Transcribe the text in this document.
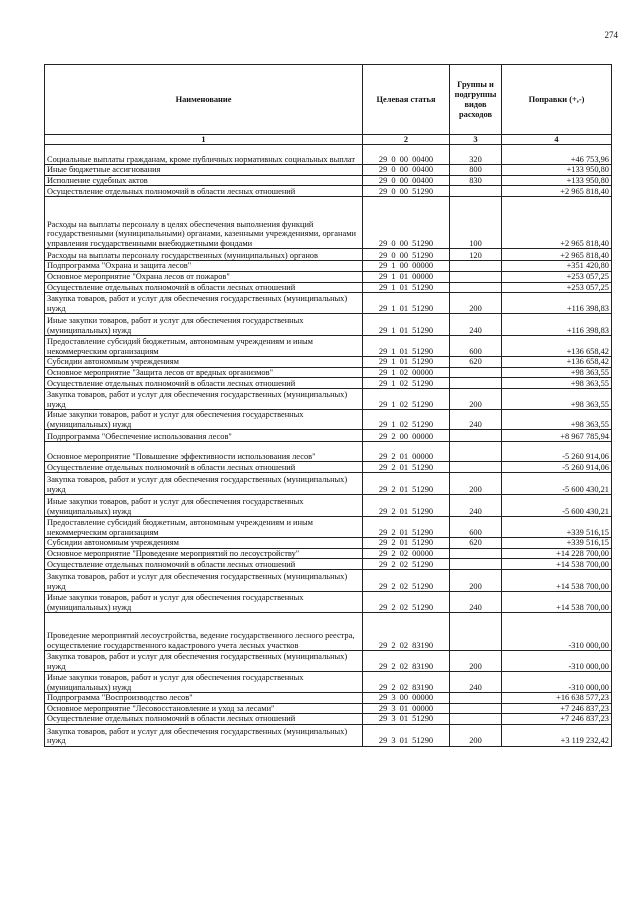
274
Наименование	Целевая статья	Группы и подгруппы видов расходов	Поправки (+,-)
1	2	3	4
Социальные выплаты гражданам, кроме публичных нормативных социальных выплат	29 0 00 00400	320	+46 753,96
Иные бюджетные ассигнования	29 0 00 00400	800	+133 950,80
Исполнение судебных актов	29 0 00 00400	830	+133 950,80
Осуществление отдельных полномочий в области лесных отношений	29 0 00 51290		+2 965 818,40
Расходы на выплаты персоналу в целях обеспечения выполнения функций государственными (муниципальными) органами, казенными учреждениями, органами управления государственными внебюджетными фондами	29 0 00 51290	100	+2 965 818,40
Расходы на выплаты персоналу государственных (муниципальных) органов	29 0 00 51290	120	+2 965 818,40
Подпрограмма "Охрана и защита лесов"	29 1 00 00000		+351 420,80
Основное мероприятие "Охрана лесов от пожаров"	29 1 01 00000		+253 057,25
Осуществление отдельных полномочий в области лесных отношений	29 1 01 51290		+253 057,25
Закупка товаров, работ и услуг для обеспечения государственных (муниципальных) нужд	29 1 01 51290	200	+116 398,83
Иные закупки товаров, работ и услуг для обеспечения государственных (муниципальных) нужд	29 1 01 51290	240	+116 398,83
Предоставление субсидий бюджетным, автономным учреждениям и иным некоммерческим организациям	29 1 01 51290	600	+136 658,42
Субсидии автономным учреждениям	29 1 01 51290	620	+136 658,42
Основное мероприятие "Защита лесов от вредных организмов"	29 1 02 00000		+98 363,55
Осуществление отдельных полномочий в области лесных отношений	29 1 02 51290		+98 363,55
Закупка товаров, работ и услуг для обеспечения государственных (муниципальных) нужд	29 1 02 51290	200	+98 363,55
Иные закупки товаров, работ и услуг для обеспечения государственных (муниципальных) нужд	29 1 02 51290	240	+98 363,55
Подпрограмма "Обеспечение использования лесов"	29 2 00 00000		+8 967 785,94
Основное мероприятие "Повышение эффективности использования лесов"	29 2 01 00000		-5 260 914,06
Осуществление отдельных полномочий в области лесных отношений	29 2 01 51290		-5 260 914,06
Закупка товаров, работ и услуг для обеспечения государственных (муниципальных) нужд	29 2 01 51290	200	-5 600 430,21
Иные закупки товаров, работ и услуг для обеспечения государственных (муниципальных) нужд	29 2 01 51290	240	-5 600 430,21
Предоставление субсидий бюджетным, автономным учреждениям и иным некоммерческим организациям	29 2 01 51290	600	+339 516,15
Субсидии автономным учреждениям	29 2 01 51290	620	+339 516,15
Основное мероприятие "Проведение мероприятий по лесоустройству"	29 2 02 00000		+14 228 700,00
Осуществление отдельных полномочий в области лесных отношений	29 2 02 51290		+14 538 700,00
Закупка товаров, работ и услуг для обеспечения государственных (муниципальных) нужд	29 2 02 51290	200	+14 538 700,00
Иные закупки товаров, работ и услуг для обеспечения государственных (муниципальных) нужд	29 2 02 51290	240	+14 538 700,00
Проведение мероприятий лесоустройства, ведение государственного лесного реестра, осуществление государственного кадастрового учета лесных участков	29 2 02 83190		-310 000,00
Закупка товаров, работ и услуг для обеспечения государственных (муниципальных) нужд	29 2 02 83190	200	-310 000,00
Иные закупки товаров, работ и услуг для обеспечения государственных (муниципальных) нужд	29 2 02 83190	240	-310 000,00
Подпрограмма "Воспроизводство лесов"	29 3 00 00000		+16 638 577,23
Основное мероприятие "Лесовосстановление и уход за лесами"	29 3 01 00000		+7 246 837,23
Осуществление отдельных полномочий в области лесных отношений	29 3 01 51290		+7 246 837,23
Закупка товаров, работ и услуг для обеспечения государственных (муниципальных) нужд	29 3 01 51290	200	+3 119 232,42
